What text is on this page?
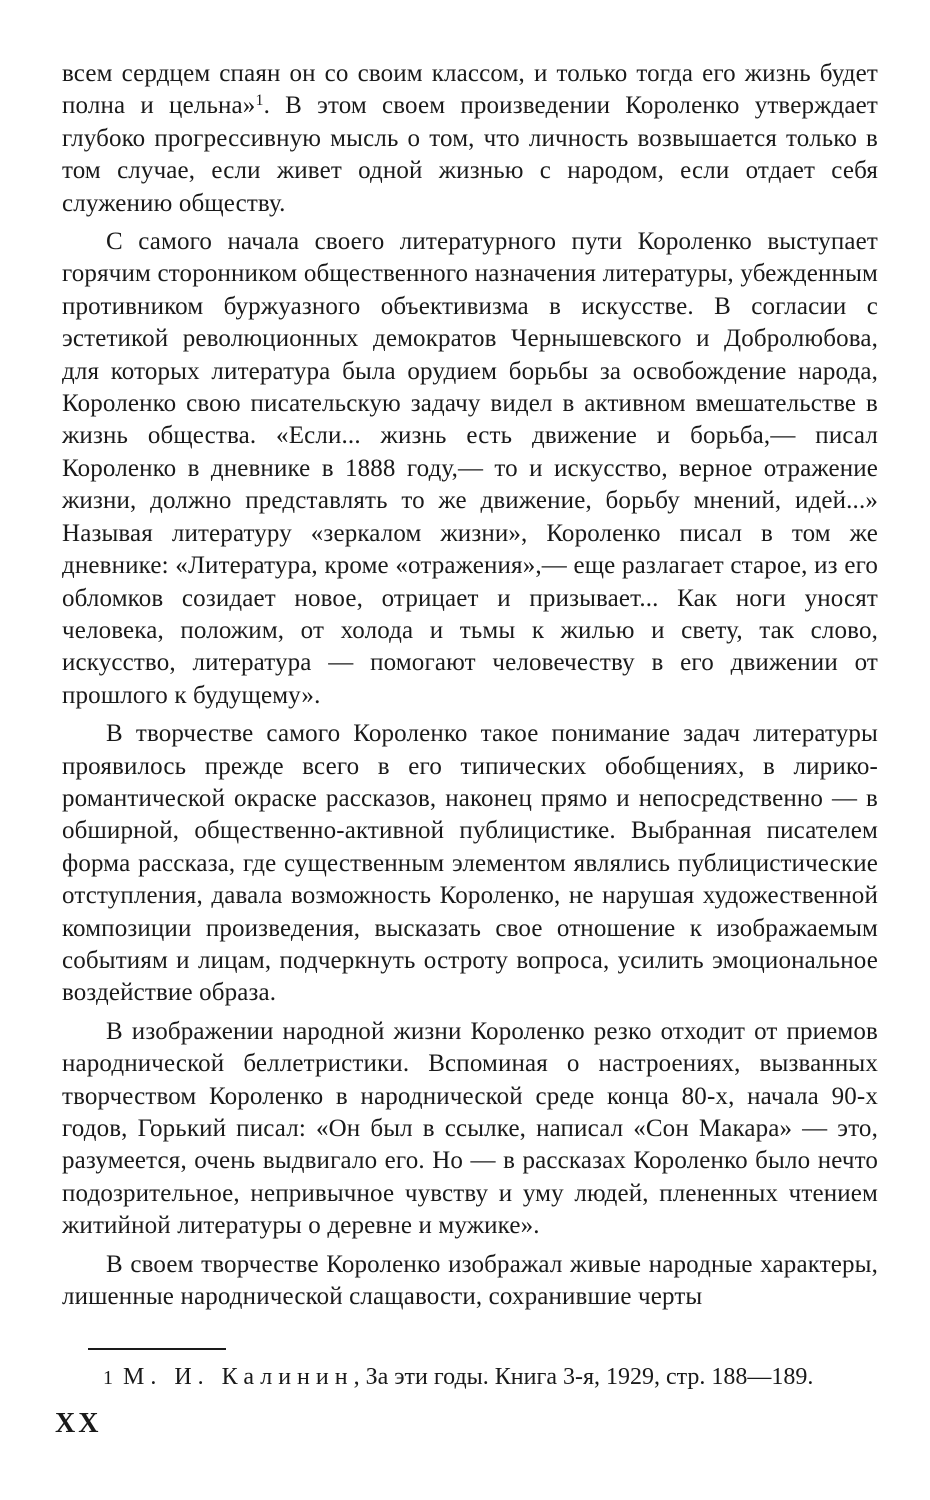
всем сердцем спаян он со своим классом, и только тогда его жизнь будет полна и цельна»$^1$. В этом своем произведении Короленко утверждает глубоко прогрессивную мысль о том, что личность возвышается только в том случае, если живет одной жизнью с народом, если отдает себя служению обществу.

С самого начала своего литературного пути Короленко выступает горячим сторонником общественного назначения литературы, убежденным противником буржуазного объективизма в искусстве. В согласии с эстетикой революционных демократов Чернышевского и Добролюбова, для которых литература была орудием борьбы за освобождение народа, Короленко свою писательскую задачу видел в активном вмешательстве в жизнь общества. «Если... жизнь есть движение и борьба,— писал Короленко в дневнике в 1888 году,— то и искусство, верное отражение жизни, должно представлять то же движение, борьбу мнений, идей...» Называя литературу «зеркалом жизни», Короленко писал в том же дневнике: «Литература, кроме «отражения»,— еще разлагает старое, из его обломков созидает новое, отрицает и призывает... Как ноги уносят человека, положим, от холода и тьмы к жилью и свету, так слово, искусство, литература — помогают человечеству в его движении от прошлого к будущему».

В творчестве самого Короленко такое понимание задач литературы проявилось прежде всего в его типических обобщениях, в лирико-романтической окраске рассказов, наконец прямо и непосредственно — в обширной, общественно-активной публицистике. Выбранная писателем форма рассказа, где существенным элементом являлись публицистические отступления, давала возможность Короленко, не нарушая художественной композиции произведения, высказать свое отношение к изображаемым событиям и лицам, подчеркнуть остроту вопроса, усилить эмоциональное воздействие образа.

В изображении народной жизни Короленко резко отходит от приемов народнической беллетристики. Вспоминая о настроениях, вызванных творчеством Короленко в народнической среде конца 80-х, начала 90-х годов, Горький писал: «Он был в ссылке, написал «Сон Макара» — это, разумеется, очень выдвигало его. Но — в рассказах Короленко было нечто подозрительное, непривычное чувству и уму людей, плененных чтением житийной литературы о деревне и мужике».

В своем творчестве Короленко изображал живые народные характеры, лишенные народнической слащавости, сохранившие черты

1 М. И. Калинин, За эти годы. Книга 3-я, 1929, стр. 188—189.
XX
